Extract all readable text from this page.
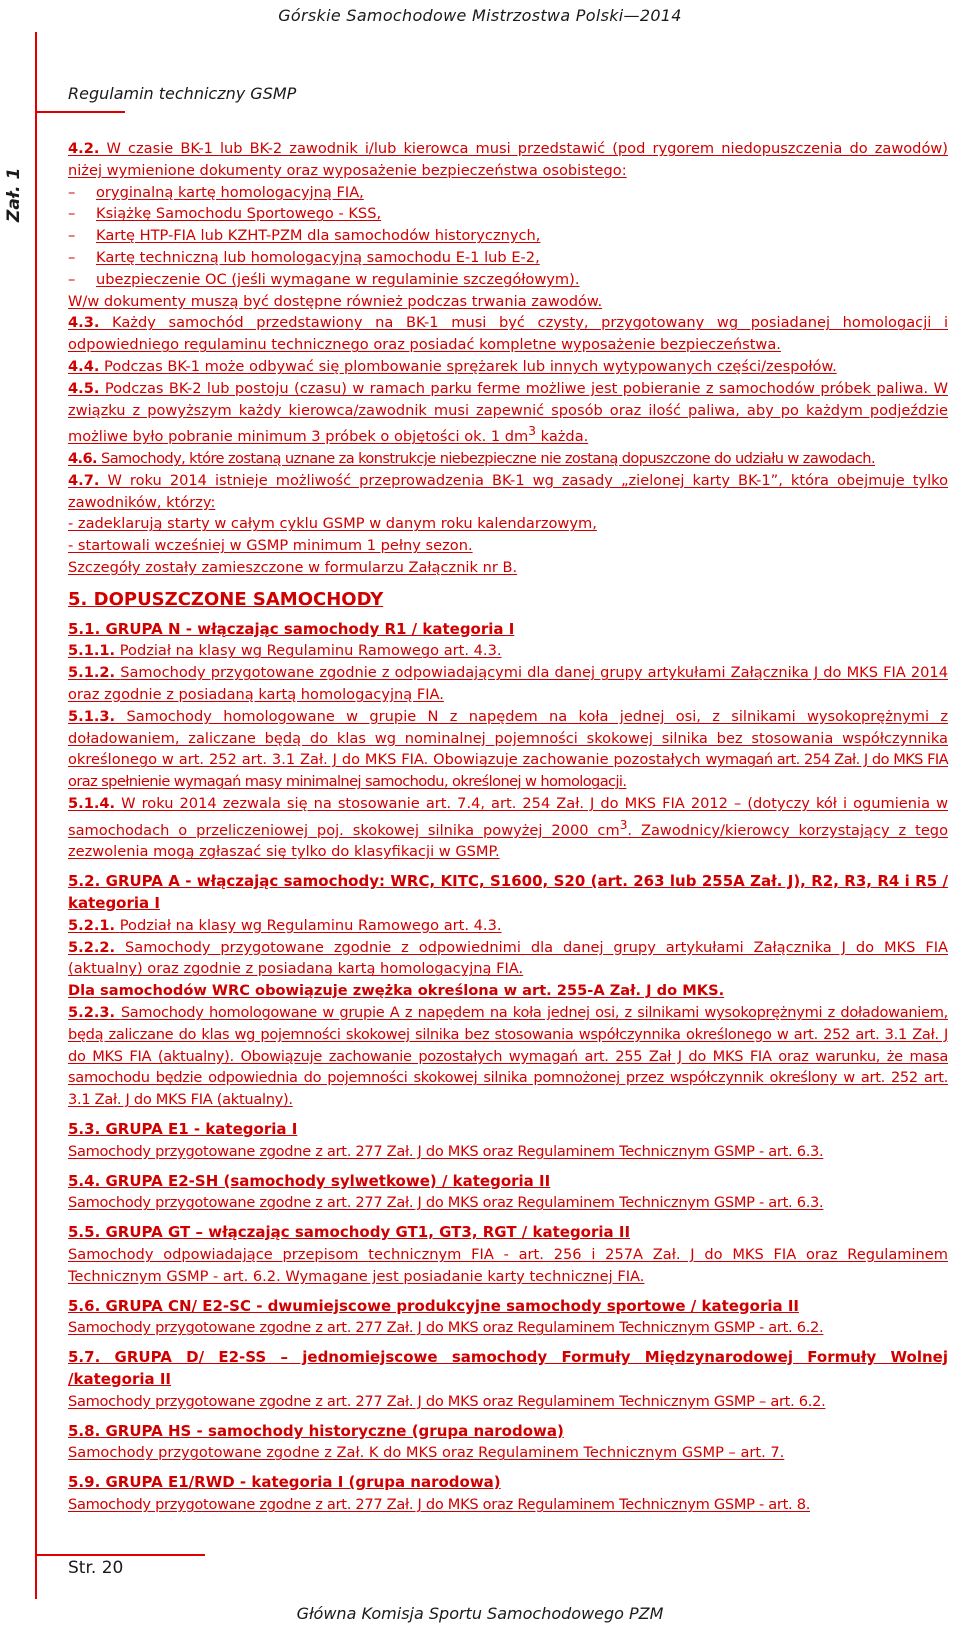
Górskie Samochodowe Mistrzostwa Polski—2014
Regulamin techniczny GSMP
Zał. 1

4.2. W czasie BK-1 lub BK-2 zawodnik i/lub kierowca musi przedstawić (pod rygorem niedopuszczenia do zawodów) niżej wymienione dokumenty oraz wyposażenie bezpieczeństwa osobistego:

– oryginalną kartę homologacyjną FIA,

– Książkę Samochodu Sportowego - KSS,

– Kartę HTP-FIA lub KZHT-PZM dla samochodów historycznych,

– Kartę techniczną lub homologacyjną samochodu E-1 lub E-2,

– ubezpieczenie OC (jeśli wymagane w regulaminie szczegółowym).

W/w dokumenty muszą być dostępne również podczas trwania zawodów.

4.3. Każdy samochód przedstawiony na BK-1 musi być czysty, przygotowany wg posiadanej homologacji i odpowiedniego regulaminu technicznego oraz posiadać kompletne wyposażenie bezpieczeństwa.

4.4. Podczas BK-1 może odbywać się plombowanie sprężarek lub innych wytypowanych części/zespołów.

4.5. Podczas BK-2 lub postoju (czasu) w ramach parku ferme możliwe jest pobieranie z samochodów próbek paliwa. W związku z powyższym każdy kierowca/zawodnik musi zapewnić sposób oraz ilość paliwa, aby po każdym podjeździe możliwe było pobranie minimum 3 próbek o objętości ok. 1 $dm^3$ każda.

4.6. Samochody, które zostaną uznane za konstrukcje niebezpieczne nie zostaną dopuszczone do udziału w zawodach.

4.7. W roku 2014 istnieje możliwość przeprowadzenia BK-1 wg zasady „zielonej karty BK-1”, która obejmuje tylko zawodników, którzy:

- zadeklarują starty w całym cyklu GSMP w danym roku kalendarzowym,

- startowali wcześniej w GSMP minimum 1 pełny sezon.

Szczegóły zostały zamieszczone w formularzu Załącznik nr B.

5. DOPUSZCZONE SAMOCHODY

5.1. GRUPA N - włączając samochody R1 / kategoria I

5.1.1. Podział na klasy wg Regulaminu Ramowego art. 4.3.

5.1.2. Samochody przygotowane zgodnie z odpowiadającymi dla danej grupy artykułami Załącznika J do MKS FIA 2014 oraz zgodnie z posiadaną kartą homologacyjną FIA.

5.1.3. Samochody homologowane w grupie N z napędem na koła jednej osi, z silnikami wysokoprężnymi z doładowaniem, zaliczane będą do klas wg nominalnej pojemności skokowej silnika bez stosowania współczynnika określonego w art. 252 art. 3.1 Zał. J do MKS FIA. Obowiązuje zachowanie pozostałych wymagań art. 254 Zał. J do MKS FIA oraz spełnienie wymagań masy minimalnej samochodu, określonej w homologacji.

5.1.4. W roku 2014 zezwala się na stosowanie art. 7.4, art. 254 Zał. J do MKS FIA 2012 – (dotyczy kół i ogumienia w samochodach o przeliczeniowej poj. skokowej silnika powyżej 2000 $cm^3$. Zawodnicy/kierowcy korzystający z tego zezwolenia mogą zgłaszać się tylko do klasyfikacji w GSMP.

5.2. GRUPA A - włączając samochody: WRC, KITC, S1600, S20 (art. 263 lub 255A Zał. J), R2, R3, R4 i R5 / kategoria I

5.2.1. Podział na klasy wg Regulaminu Ramowego art. 4.3.

5.2.2. Samochody przygotowane zgodnie z odpowiednimi dla danej grupy artykułami Załącznika J do MKS FIA (aktualny) oraz zgodnie z posiadaną kartą homologacyjną FIA.

Dla samochodów WRC obowiązuje zwężka określona w art. 255-A Zał. J do MKS.

5.2.3. Samochody homologowane w grupie A z napędem na koła jednej osi, z silnikami wysokoprężnymi z doładowaniem, będą zaliczane do klas wg pojemności skokowej silnika bez stosowania współczynnika określonego w art. 252 art. 3.1 Zał. J do MKS FIA (aktualny). Obowiązuje zachowanie pozostałych wymagań art. 255 Zał J do MKS FIA oraz warunku, że masa samochodu będzie odpowiednia do pojemności skokowej silnika pomnożonej przez współczynnik określony w art. 252 art. 3.1 Zał. J do MKS FIA (aktualny).

5.3. GRUPA E1 - kategoria I

Samochody przygotowane zgodne z art. 277 Zał. J do MKS oraz Regulaminem Technicznym GSMP - art. 6.3.

5.4. GRUPA E2-SH (samochody sylwetkowe) / kategoria II

Samochody przygotowane zgodne z art. 277 Zał. J do MKS oraz Regulaminem Technicznym GSMP - art. 6.3.

5.5. GRUPA GT – włączając samochody GT1, GT3, RGT / kategoria II

Samochody odpowiadające przepisom technicznym FIA - art. 256 i 257A Zał. J do MKS FIA oraz Regulaminem Technicznym GSMP - art. 6.2. Wymagane jest posiadanie karty technicznej FIA.

5.6. GRUPA CN/ E2-SC - dwumiejscowe produkcyjne samochody sportowe / kategoria II

Samochody przygotowane zgodne z art. 277 Zał. J do MKS oraz Regulaminem Technicznym GSMP - art. 6.2.

5.7. GRUPA D/ E2-SS – jednomiejscowe samochody Formuły Międzynarodowej Formuły Wolnej /kategoria II

Samochody przygotowane zgodne z art. 277 Zał. J do MKS oraz Regulaminem Technicznym GSMP – art. 6.2.

5.8. GRUPA HS - samochody historyczne (grupa narodowa)

Samochody przygotowane zgodne z Zał. K do MKS oraz Regulaminem Technicznym GSMP – art. 7.

5.9. GRUPA E1/RWD - kategoria I (grupa narodowa)

Samochody przygotowane zgodne z art. 277 Zał. J do MKS oraz Regulaminem Technicznym GSMP - art. 8.

Str. 20
Główna Komisja Sportu Samochodowego PZM
